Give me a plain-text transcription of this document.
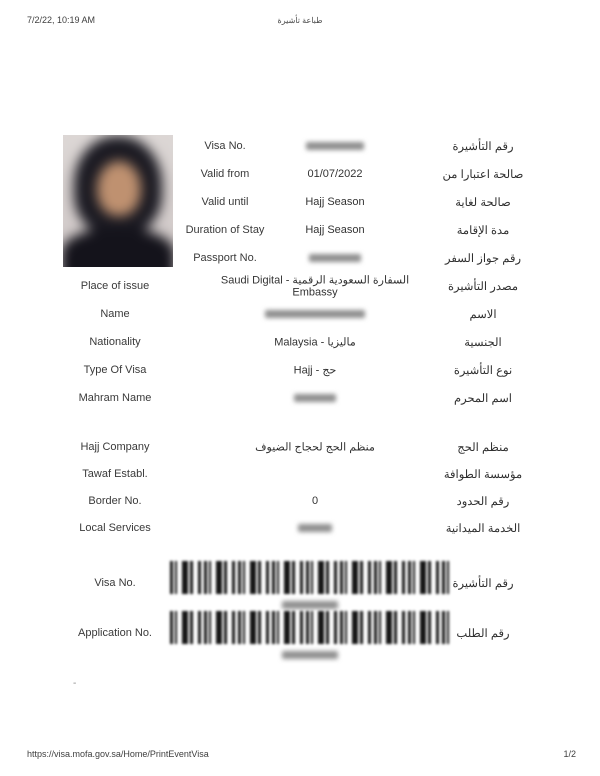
7/2/22, 10:19 AM	طباعة تأشيرة
Visa No.	رقم التأشيرة
Valid from	01/07/2022	صالحة اعتبارا من
Valid until	Hajj Season	صالحة لغاية
Duration of Stay	Hajj Season	مدة الإقامة
Passport No.	رقم جواز السفر
Place of issue	السفارة السعودية الرقمية - Saudi Digital Embassy	مصدر التأشيرة
Name	الاسم
Nationality	ماليزيا - Malaysia	الجنسية
Type Of Visa	حج - Hajj	نوع التأشيرة
Mahram Name	اسم المحرم
Hajj Company	منظم الحج لحجاج الضيوف	منظم الحج
Tawaf Establ.	مؤسسة الطوافة
Border No.	0	رقم الحدود
Local Services	الخدمة الميدانية
Visa No.	رقم التأشيرة
Application No.	رقم الطلب
-
https://visa.mofa.gov.sa/Home/PrintEventVisa	1/2
